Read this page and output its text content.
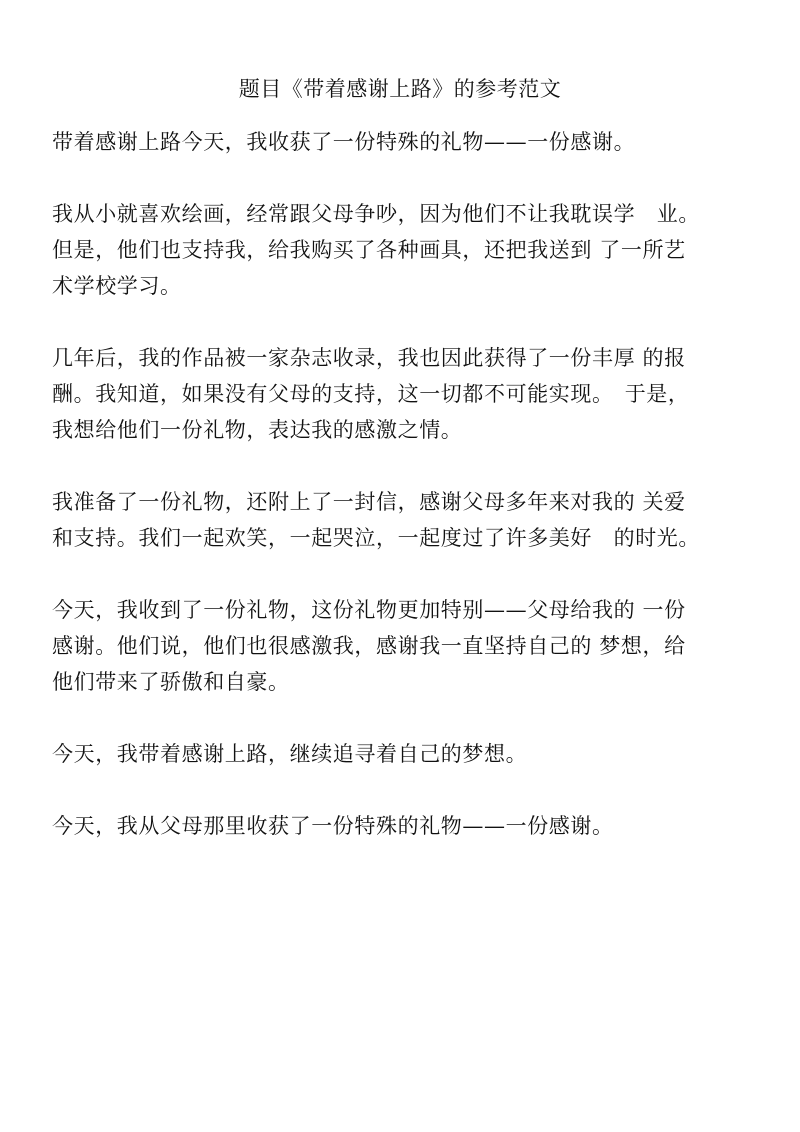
题目《带着感谢上路》的参考范文
带着感谢上路今天，我收获了一份特殊的礼物——一份感谢。
我从小就喜欢绘画，经常跟父母争吵，因为他们不让我耽误学　业。
但是，他们也支持我，给我购买了各种画具，还把我送到 了一所艺
术学校学习。
几年后，我的作品被一家杂志收录，我也因此获得了一份丰厚 的报
酬。我知道，如果没有父母的支持，这一切都不可能实现。　于是，
我想给他们一份礼物，表达我的感激之情。
我准备了一份礼物，还附上了一封信，感谢父母多年来对我的 关爱
和支持。我们一起欢笑，一起哭泣，一起度过了许多美好　的时光。
今天，我收到了一份礼物，这份礼物更加特别——父母给我的 一份
感谢。他们说，他们也很感激我，感谢我一直坚持自己的 梦想，给
他们带来了骄傲和自豪。
今天，我带着感谢上路，继续追寻着自己的梦想。
今天，我从父母那里收获了一份特殊的礼物——一份感谢。
